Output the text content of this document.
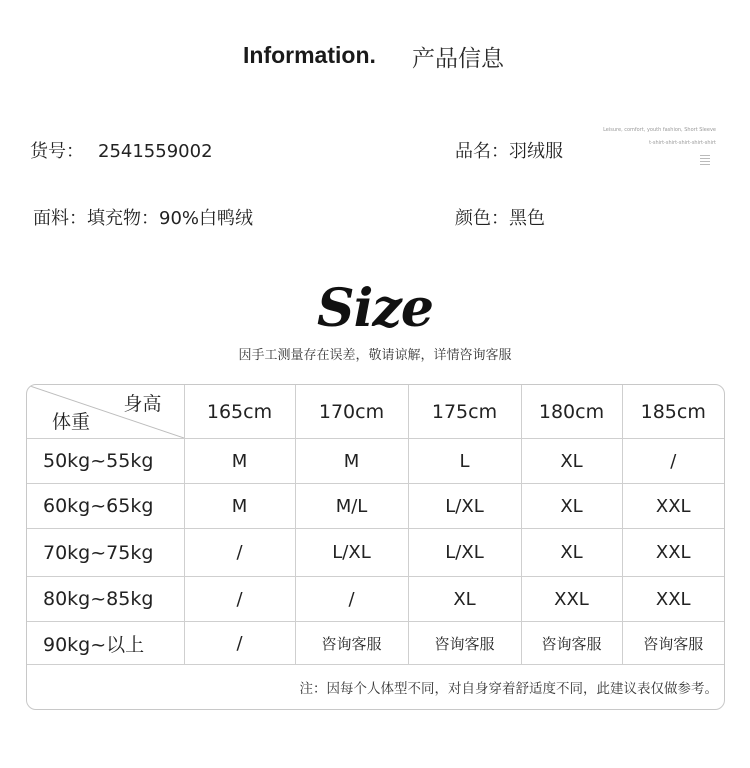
Information. 产品信息
货号： 2541559002	品名：羽绒服
面料：填充物：90%白鸭绒	颜色：黑色
Leisure, comfort, youth fashion, Short Sleeve t-shirt-shirt-shirt-shirt-shirt
Size
因手工测量存在误差，敬请谅解，详情咨询客服
身高
体重	165cm	170cm	175cm	180cm	185cm
50kg~55kg	M	M	L	XL	/
60kg~65kg	M	M/L	L/XL	XL	XXL
70kg~75kg	/	L/XL	L/XL	XL	XXL
80kg~85kg	/	/	XL	XXL	XXL
90kg~以上	/	咨询客服	咨询客服	咨询客服	咨询客服
注：因每个人体型不同，对自身穿着舒适度不同，此建议表仅做参考。					
